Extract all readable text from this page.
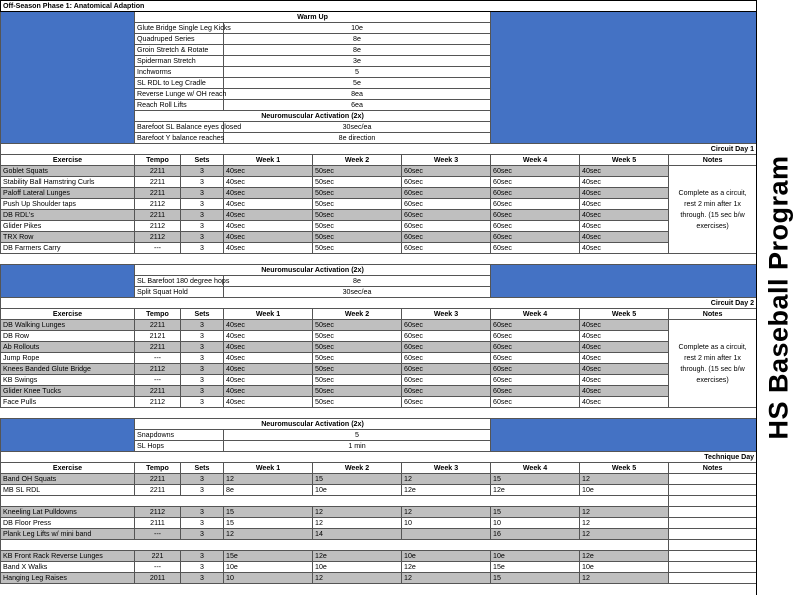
Off-Season Phase 1: Anatomical Adaption								
	Warm Up							
	Glute Bridge Single Leg Kicks		10e					
	Quadruped Series		8e					
	Groin Stretch & Rotate		8e					
	Spiderman Stretch		3e					
	Inchworms		5					
	SL RDL to Leg Cradle		5e					
	Reverse Lunge w/ OH reach		8ea					
	Reach Roll Lifts		6ea					
	Neuromuscular Activation (2x)							
	Barefoot SL Balance eyes closed		30sec/ea					
	Barefoot Y balance reaches		8e direction					
Circuit Day 1								
Exercise	Tempo	Sets	Week 1	Week 2	Week 3	Week 4	Week 5	Notes
Goblet Squats	2211	3	40sec	50sec	60sec	60sec	40sec	Complete as a circuit, rest 2 min after 1x through. (15 sec b/w exercises)
Stability Ball Hamstring Curls	2211	3	40sec	50sec	60sec	60sec	40sec	
Paloff Lateral Lunges	2211	3	40sec	50sec	60sec	60sec	40sec	
Push Up Shoulder taps	2112	3	40sec	50sec	60sec	60sec	40sec	
DB RDL's	2211	3	40sec	50sec	60sec	60sec	40sec	
Glider Pikes	2112	3	40sec	50sec	60sec	60sec	40sec	
TRX Row	2112	3	40sec	50sec	60sec	60sec	40sec	
DB Farmers Carry	---	3	40sec	50sec	60sec	60sec	40sec	

	Neuromuscular Activation (2x)							
	SL Barefoot 180 degree hops		8e					
	Split Squat Hold		30sec/ea					
Circuit Day 2								
Exercise	Tempo	Sets	Week 1	Week 2	Week 3	Week 4	Week 5	Notes
DB Walking Lunges	2211	3	40sec	50sec	60sec	60sec	40sec	Complete as a circuit, rest 2 min after 1x through. (15 sec b/w exercises)
DB Row	2121	3	40sec	50sec	60sec	60sec	40sec	
Ab Rollouts	2211	3	40sec	50sec	60sec	60sec	40sec	
Jump Rope	---	3	40sec	50sec	60sec	60sec	40sec	
Knees Banded Glute Bridge	2112	3	40sec	50sec	60sec	60sec	40sec	
KB Swings	---	3	40sec	50sec	60sec	60sec	40sec	
Glider Knee Tucks	2211	3	40sec	50sec	60sec	60sec	40sec	
Face Pulls	2112	3	40sec	50sec	60sec	60sec	40sec	

	Neuromuscular Activation (2x)							
	Snapdowns		5					
	SL Hops		1 min					
Technique Day								
Exercise	Tempo	Sets	Week 1	Week 2	Week 3	Week 4	Week 5	Notes
Band OH Squats	2211	3	12	15	12	15	12	
MB SL RDL	2211	3	8e	10e	12e	12e	10e	

Kneeling Lat Pulldowns	2112	3	15	12	12	15	12	
DB Floor Press	2111	3	15	12	10	10	12	
Plank Leg Lifts w/ mini band	---	3	12	14		16	12	

KB Front Rack Reverse Lunges	221	3	15e	12e	10e	10e	12e	
Band X Walks	---	3	10e	10e	12e	15e	10e	
Hanging Leg Raises	2011	3	10	12	12	15	12	
HS Baseball Program
